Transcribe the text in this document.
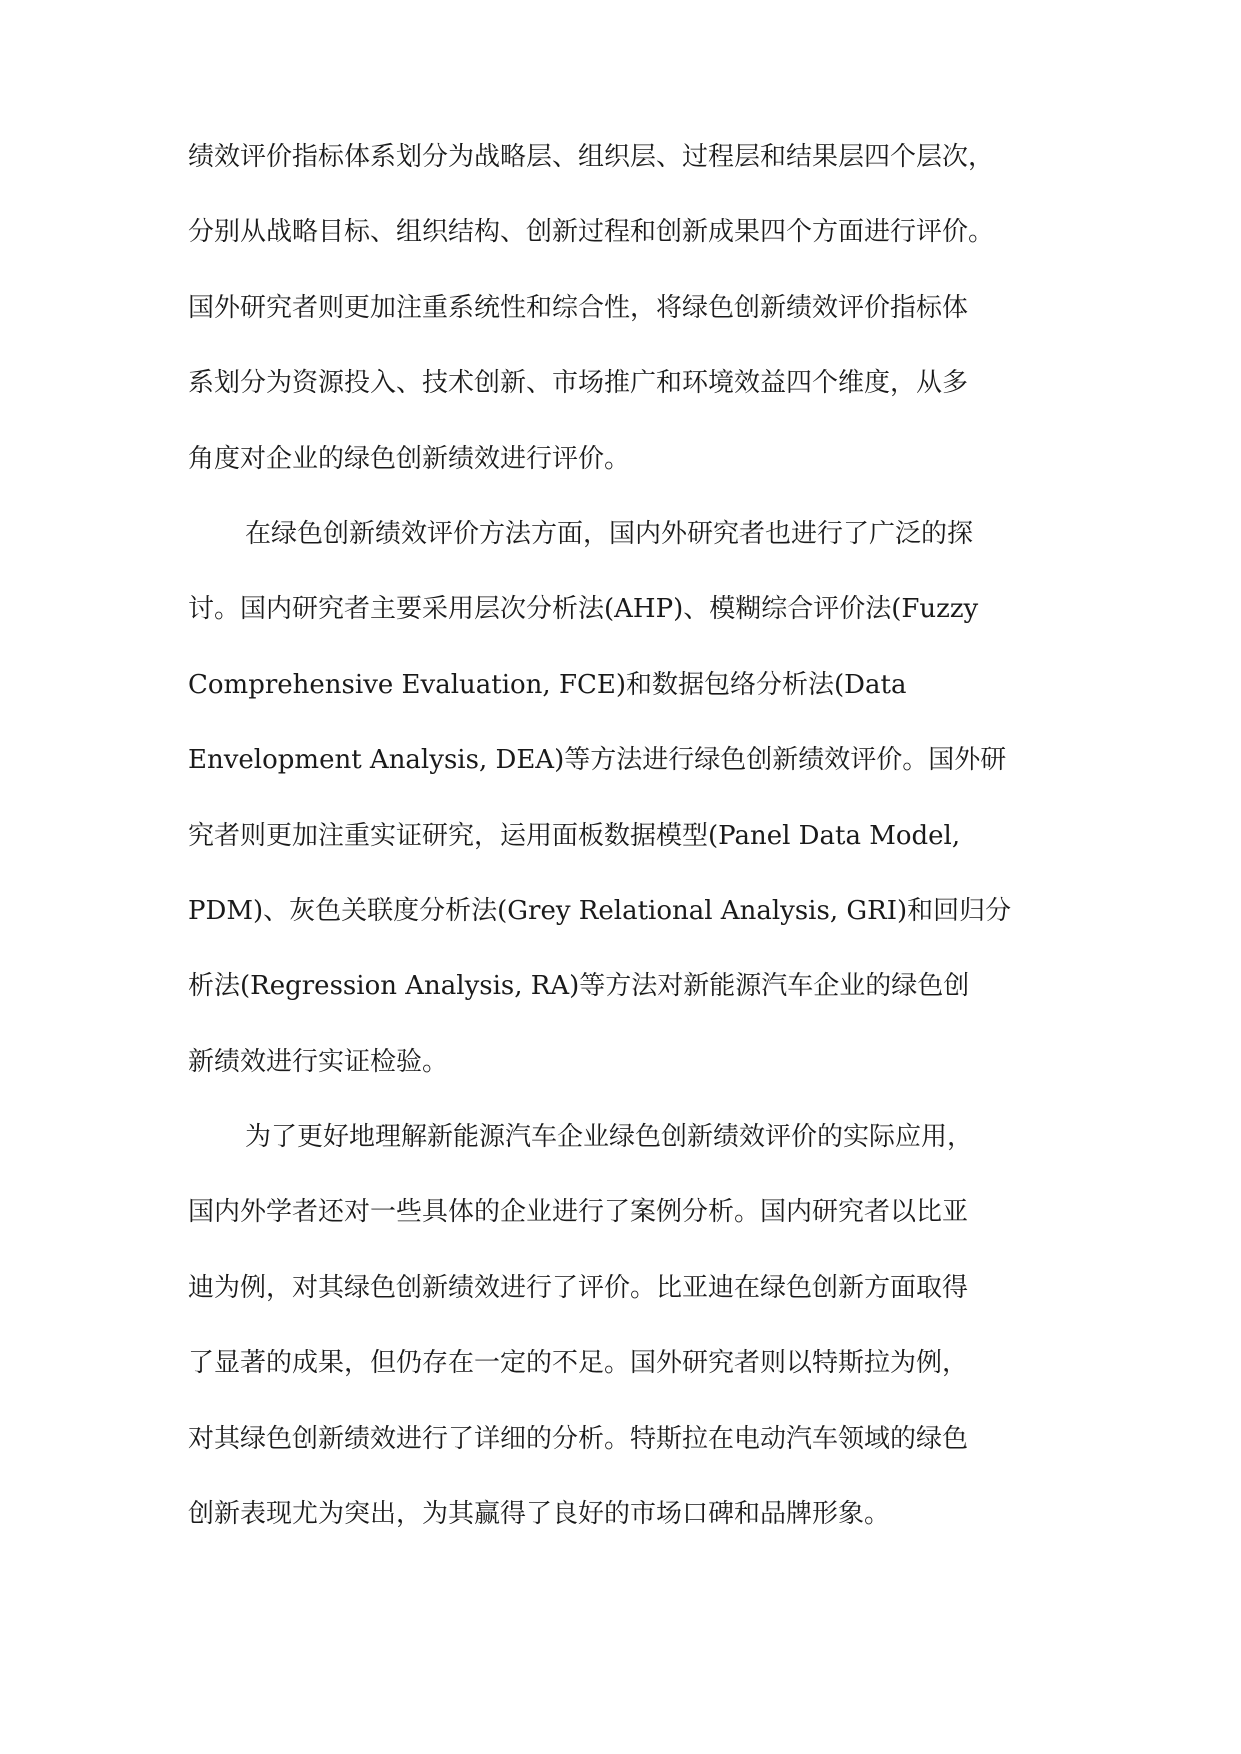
绩效评价指标体系划分为战略层、组织层、过程层和结果层四个层次，
分别从战略目标、组织结构、创新过程和创新成果四个方面进行评价。
国外研究者则更加注重系统性和综合性，将绿色创新绩效评价指标体
系划分为资源投入、技术创新、市场推广和环境效益四个维度，从多
角度对企业的绿色创新绩效进行评价。
在绿色创新绩效评价方法方面，国内外研究者也进行了广泛的探
讨。国内研究者主要采用层次分析法(AHP)、模糊综合评价法(Fuzzy
Comprehensive Evaluation, FCE)和数据包络分析法(Data
Envelopment Analysis, DEA)等方法进行绿色创新绩效评价。国外研
究者则更加注重实证研究，运用面板数据模型(Panel Data Model,
PDM)、灰色关联度分析法(Grey Relational Analysis, GRI)和回归分
析法(Regression Analysis, RA)等方法对新能源汽车企业的绿色创
新绩效进行实证检验。
为了更好地理解新能源汽车企业绿色创新绩效评价的实际应用，
国内外学者还对一些具体的企业进行了案例分析。国内研究者以比亚
迪为例，对其绿色创新绩效进行了评价。比亚迪在绿色创新方面取得
了显著的成果，但仍存在一定的不足。国外研究者则以特斯拉为例，
对其绿色创新绩效进行了详细的分析。特斯拉在电动汽车领域的绿色
创新表现尤为突出，为其赢得了良好的市场口碑和品牌形象。
